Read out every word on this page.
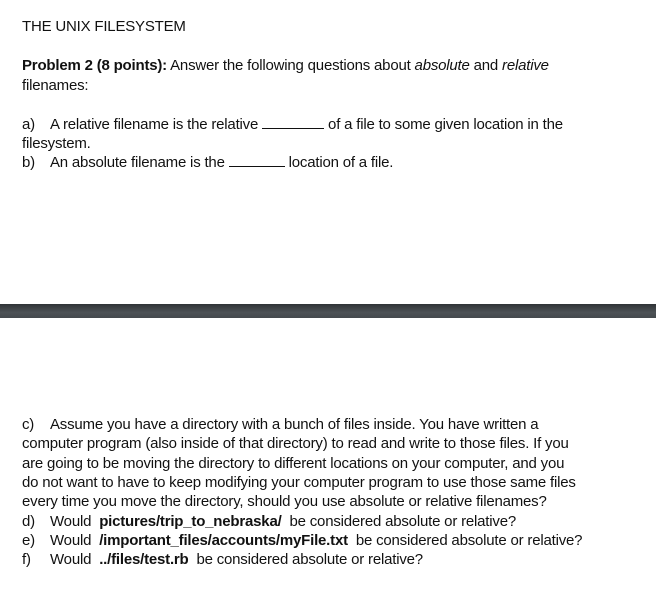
THE UNIX FILESYSTEM
Problem 2 (8 points): Answer the following questions about absolute and relative
filenames:
a) A relative filename is the relative	of a file to some given location in the
filesystem.
b) An absolute filename is the	location of a file.
c) Assume you have a directory with a bunch of files inside. You have written a
computer program (also inside of that directory) to read and write to those files. If you
are going to be moving the directory to different locations on your computer, and you
do not want to have to keep modifying your computer program to use those same files
every time you move the directory, should you use absolute or relative filenames?
d) Would pictures/trip_to_nebraska/ be considered absolute or relative?
e) Would /important_files/accounts/myFile.txt be considered absolute or relative?
f) Would ../files/test.rb be considered absolute or relative?
